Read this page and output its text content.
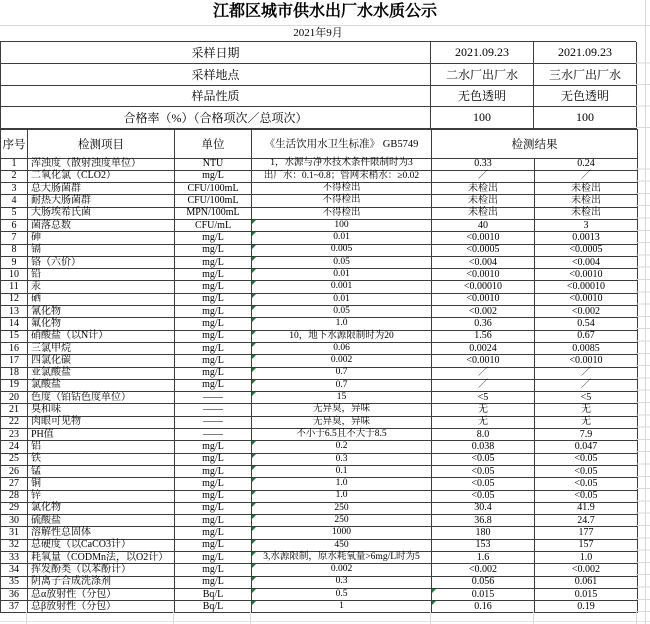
江都区城市供水出厂水水质公示
2021年9月
采样日期	2021.09.23	2021.09.23
采样地点	二水厂出厂水	三水厂出厂水
样品性质	无色透明	无色透明
合格率（%）（合格项次／总项次）	100	100
序号	检测项目	单位	《生活饮用水卫生标准》 GB5749	检测结果	
1	浑浊度（散射浊度单位）	NTU	1，水源与净水技术条件限制时为3	0.33	0.24
2	二氧化氯（CLO2）	mg/L	出厂水：0.1~0.8；管网末梢水：≥0.02	／	／
3	总大肠菌群	CFU/100mL	不得检出	未检出	未检出
4	耐热大肠菌群	CFU/100mL	不得检出	未检出	未检出
5	大肠埃希氏菌	MPN/100mL	不得检出	未检出	未检出
6	菌落总数	CFU/mL	100	40	3
7	砷	mg/L	0.01	<0.0010	0.0013
8	镉	mg/L	0.005	<0.0005	<0.0005
9	铬（六价）	mg/L	0.05	<0.004	<0.004
10	铅	mg/L	0.01	<0.0010	<0.0010
11	汞	mg/L	0.001	<0.00010	<0.00010
12	硒	mg/L	0.01	<0.0010	<0.0010
13	氰化物	mg/L	0.05	<0.002	<0.002
14	氟化物	mg/L	1.0	0.36	0.54
15	硝酸盐（以N计）	mg/L	10，地下水源限制时为20	1.56	0.67
16	三氯甲烷	mg/L	0.06	0.0024	0.0085
17	四氯化碳	mg/L	0.002	<0.0010	<0.0010
18	亚氯酸盐	mg/L	0.7	／	／
19	氯酸盐	mg/L	0.7	／	／
20	色度（铂钴色度单位）	——	15	<5	<5
21	臭和味	——	无异臭，异味	无	无
22	肉眼可见物	——	无异臭，异味	无	无
23	PH值	——	不小于6.5且不大于8.5	8.0	7.9
24	铝	mg/L	0.2	0.038	0.047
25	铁	mg/L	0.3	<0.05	<0.05
26	锰	mg/L	0.1	<0.05	<0.05
27	铜	mg/L	1.0	<0.05	<0.05
28	锌	mg/L	1.0	<0.05	<0.05
29	氯化物	mg/L	250	30.4	41.9
30	硫酸盐	mg/L	250	36.8	24.7
31	溶解性总固体	mg/L	1000	180	177
32	总硬度（以CaCO3计）	mg/L	450	153	157
33	耗氧量（CODMn法，以O2计）	mg/L	3,水源限制，原水耗氧量>6mg/L时为5	1.6	1.0
34	挥发酚类（以苯酚计）	mg/L	0.002	<0.002	<0.002
35	阴离子合成洗涤剂	mg/L	0.3	0.056	0.061
36	总α放射性（分包）	Bq/L	0.5	0.015	0.015
37	总β放射性（分包）	Bq/L	1	0.16	0.19
